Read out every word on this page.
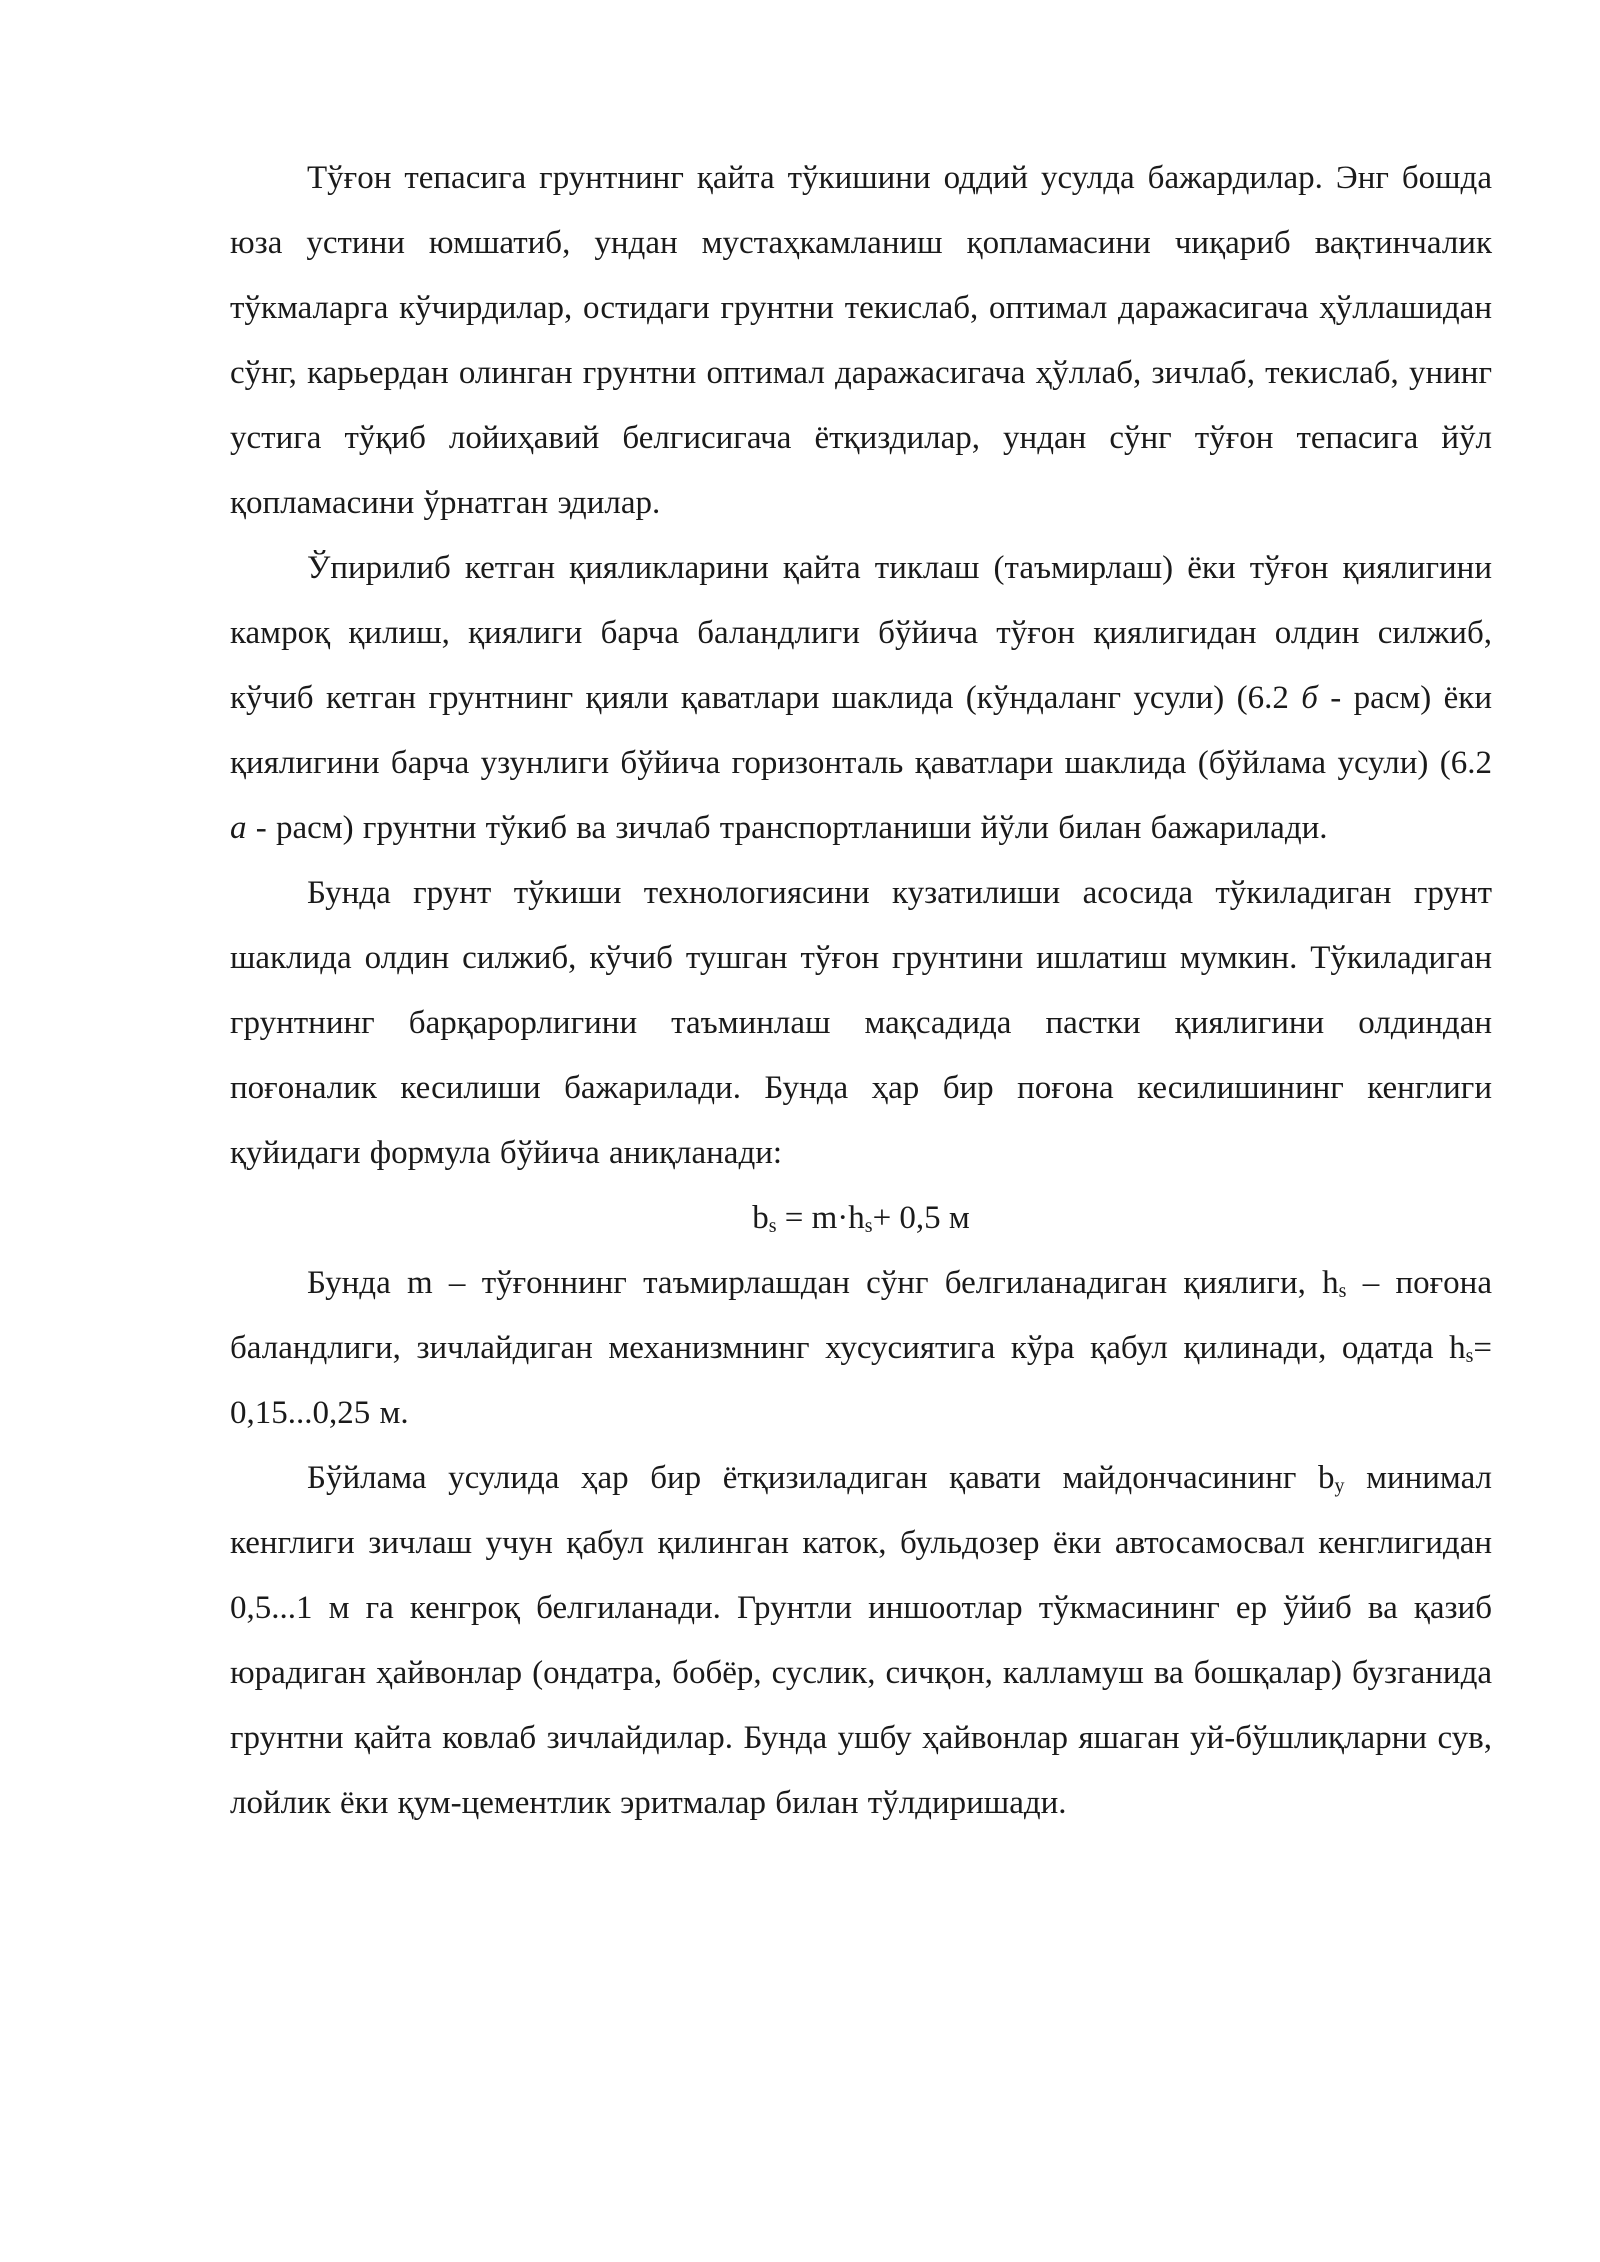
Тўғон тепасига грунтнинг қайта тўкишини оддий усулда бажардилар. Энг бошда юза устини юмшатиб, ундан мустаҳкамланиш қопламасини чиқариб вақтинчалик тўкмаларга кўчирдилар, остидаги грунтни текислаб, оптимал даражасигача ҳўллашидан сўнг, карьердан олинган грунтни оптимал даражасигача ҳўллаб, зичлаб, текислаб, унинг устига тўқиб лойиҳавий белгисигача ётқиздилар, ундан сўнг тўғон тепасига йўл қопламасини ўрнатган эдилар.

Ўпирилиб кетган қияликларини қайта тиклаш (таъмирлаш) ёки тўғон қиялигини камроқ қилиш, қиялиги барча баландлиги бўйича тўғон қиялигидан олдин силжиб, кўчиб кетган грунтнинг қияли қаватлари шаклида (кўндаланг усули) (6.2 б - расм) ёки қиялигини барча узунлиги бўйича горизонталь қаватлари шаклида (бўйлама усули) (6.2 а - расм) грунтни тўкиб ва зичлаб транспортланиши йўли билан бажарилади.

Бунда грунт тўкиши технологиясини кузатилиши асосида тўкиладиган грунт шаклида олдин силжиб, кўчиб тушган тўғон грунтини ишлатиш мумкин. Тўкиладиган грунтнинг барқарорлигини таъминлаш мақсадида пастки қиялигини олдиндан поғоналик кесилиши бажарилади. Бунда ҳар бир поғона кесилишининг кенглиги қуйидаги формула бўйича аниқланади:

$b_s = m\cdot h_s+ 0,5$ м

Бунда m – тўғоннинг таъмирлашдан сўнг белгиланадиган қиялиги, $h_s$ – поғона баландлиги, зичлайдиган механизмнинг хусусиятига кўра қабул қилинади, одатда $h_s= 0,15...0,25$ м.

Бўйлама усулида ҳар бир ётқизиладиган қавати майдончасининг $b_у$ минимал кенглиги зичлаш учун қабул қилинган каток, бульдозер ёки автосамосвал кенглигидан 0,5...1 м га кенгроқ белгиланади. Грунтли иншоотлар тўкмасининг ер ўйиб ва қазиб юрадиган ҳайвонлар (ондатра, бобёр, суслик, сичқон, калламуш ва бошқалар) бузганида грунтни қайта ковлаб зичлайдилар. Бунда ушбу ҳайвонлар яшаган уй-бўшлиқларни сув, лойлик ёки қум-цементлик эритмалар билан тўлдиришади.
